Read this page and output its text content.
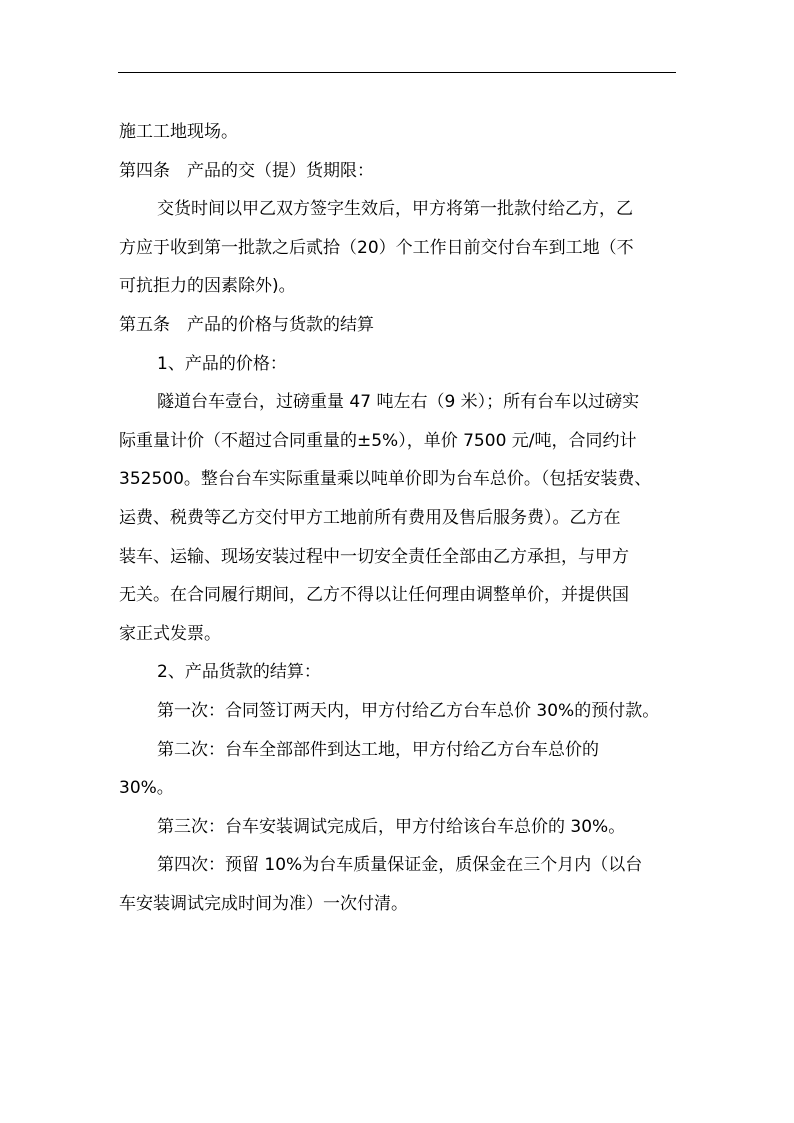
施工工地现场。
第四条　产品的交（提）货期限：
交货时间以甲乙双方签字生效后，甲方将第一批款付给乙方，乙
方应于收到第一批款之后贰拾（20）个工作日前交付台车到工地（不
可抗拒力的因素除外)。
第五条　产品的价格与货款的结算
1、产品的价格：
隧道台车壹台，过磅重量 47 吨左右（9 米）；所有台车以过磅实
际重量计价（不超过合同重量的±5%），单价 7500 元/吨，合同约计
352500。整台台车实际重量乘以吨单价即为台车总价。（包括安装费、
运费、税费等乙方交付甲方工地前所有费用及售后服务费）。乙方在
装车、运输、现场安装过程中一切安全责任全部由乙方承担，与甲方
无关。在合同履行期间，乙方不得以让任何理由调整单价，并提供国
家正式发票。
2、产品货款的结算：
第一次：合同签订两天内，甲方付给乙方台车总价 30%的预付款。
第二次：台车全部部件到达工地，甲方付给乙方台车总价的
30%。
第三次：台车安装调试完成后，甲方付给该台车总价的 30%。
第四次：预留 10%为台车质量保证金，质保金在三个月内（以台
车安装调试完成时间为准）一次付清。
